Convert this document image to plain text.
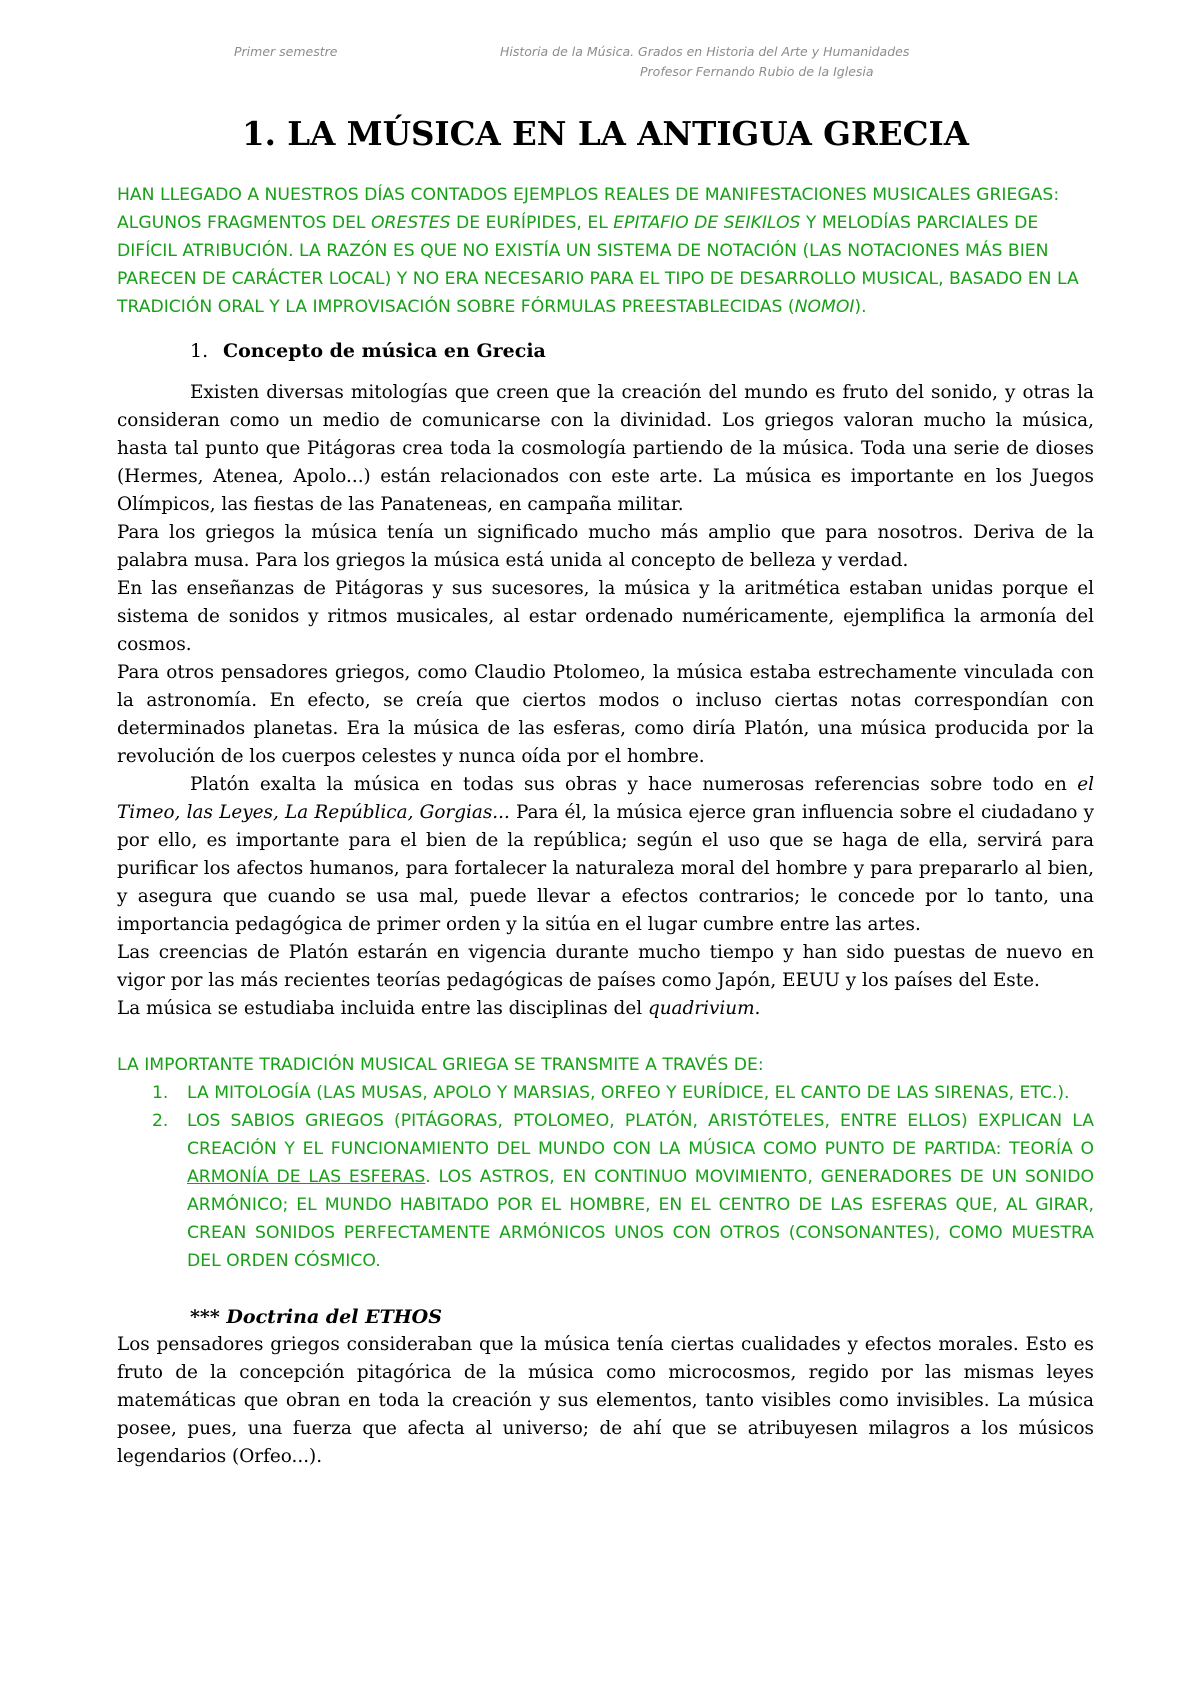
Primer semestre	Historia de la Música. Grados en Historia del Arte y Humanidades
Profesor Fernando Rubio de la Iglesia
1. LA MÚSICA EN LA ANTIGUA GRECIA

HAN LLEGADO A NUESTROS DÍAS CONTADOS EJEMPLOS REALES DE MANIFESTACIONES MUSICALES GRIEGAS: ALGUNOS FRAGMENTOS DEL ORESTES DE EURÍPIDES, EL EPITAFIO DE SEIKILOS Y MELODÍAS PARCIALES DE DIFÍCIL ATRIBUCIÓN. LA RAZÓN ES QUE NO EXISTÍA UN SISTEMA DE NOTACIÓN (LAS NOTACIONES MÁS BIEN PARECEN DE CARÁCTER LOCAL) Y NO ERA NECESARIO PARA EL TIPO DE DESARROLLO MUSICAL, BASADO EN LA TRADICIÓN ORAL Y LA IMPROVISACIÓN SOBRE FÓRMULAS PREESTABLECIDAS (NOMOI).

1. Concepto de música en Grecia

Existen diversas mitologías que creen que la creación del mundo es fruto del sonido, y otras la consideran como un medio de comunicarse con la divinidad. Los griegos valoran mucho la música, hasta tal punto que Pitágoras crea toda la cosmología partiendo de la música. Toda una serie de dioses (Hermes, Atenea, Apolo...) están relacionados con este arte. La música es importante en los Juegos Olímpicos, las fiestas de las Panateneas, en campaña militar.

Para los griegos la música tenía un significado mucho más amplio que para nosotros. Deriva de la palabra musa. Para los griegos la música está unida al concepto de belleza y verdad.

En las enseñanzas de Pitágoras y sus sucesores, la música y la aritmética estaban unidas porque el sistema de sonidos y ritmos musicales, al estar ordenado numéricamente, ejemplifica la armonía del cosmos.

Para otros pensadores griegos, como Claudio Ptolomeo, la música estaba estrechamente vinculada con la astronomía. En efecto, se creía que ciertos modos o incluso ciertas notas correspondían con determinados planetas. Era la música de las esferas, como diría Platón, una música producida por la revolución de los cuerpos celestes y nunca oída por el hombre.

Platón exalta la música en todas sus obras y hace numerosas referencias sobre todo en el Timeo, las Leyes, La República, Gorgias... Para él, la música ejerce gran influencia sobre el ciudadano y por ello, es importante para el bien de la república; según el uso que se haga de ella, servirá para purificar los afectos humanos, para fortalecer la naturaleza moral del hombre y para prepararlo al bien, y asegura que cuando se usa mal, puede llevar a efectos contrarios; le concede por lo tanto, una importancia pedagógica de primer orden y la sitúa en el lugar cumbre entre las artes.

Las creencias de Platón estarán en vigencia durante mucho tiempo y han sido puestas de nuevo en vigor por las más recientes teorías pedagógicas de países como Japón, EEUU y los países del Este.

La música se estudiaba incluida entre las disciplinas del quadrivium.

LA IMPORTANTE TRADICIÓN MUSICAL GRIEGA SE TRANSMITE A TRAVÉS DE:
1. LA MITOLOGÍA (LAS MUSAS, APOLO Y MARSIAS, ORFEO Y EURÍDICE, EL CANTO DE LAS SIRENAS, ETC.).
2. LOS SABIOS GRIEGOS (PITÁGORAS, PTOLOMEO, PLATÓN, ARISTÓTELES, ENTRE ELLOS) EXPLICAN LA CREACIÓN Y EL FUNCIONAMIENTO DEL MUNDO CON LA MÚSICA COMO PUNTO DE PARTIDA: TEORÍA O ARMONÍA DE LAS ESFERAS. LOS ASTROS, EN CONTINUO MOVIMIENTO, GENERADORES DE UN SONIDO ARMÓNICO; EL MUNDO HABITADO POR EL HOMBRE, EN EL CENTRO DE LAS ESFERAS QUE, AL GIRAR, CREAN SONIDOS PERFECTAMENTE ARMÓNICOS UNOS CON OTROS (CONSONANTES), COMO MUESTRA DEL ORDEN CÓSMICO.
*** Doctrina del ETHOS

Los pensadores griegos consideraban que la música tenía ciertas cualidades y efectos morales. Esto es fruto de la concepción pitagórica de la música como microcosmos, regido por las mismas leyes matemáticas que obran en toda la creación y sus elementos, tanto visibles como invisibles. La música posee, pues, una fuerza que afecta al universo; de ahí que se atribuyesen milagros a los músicos legendarios (Orfeo...).
